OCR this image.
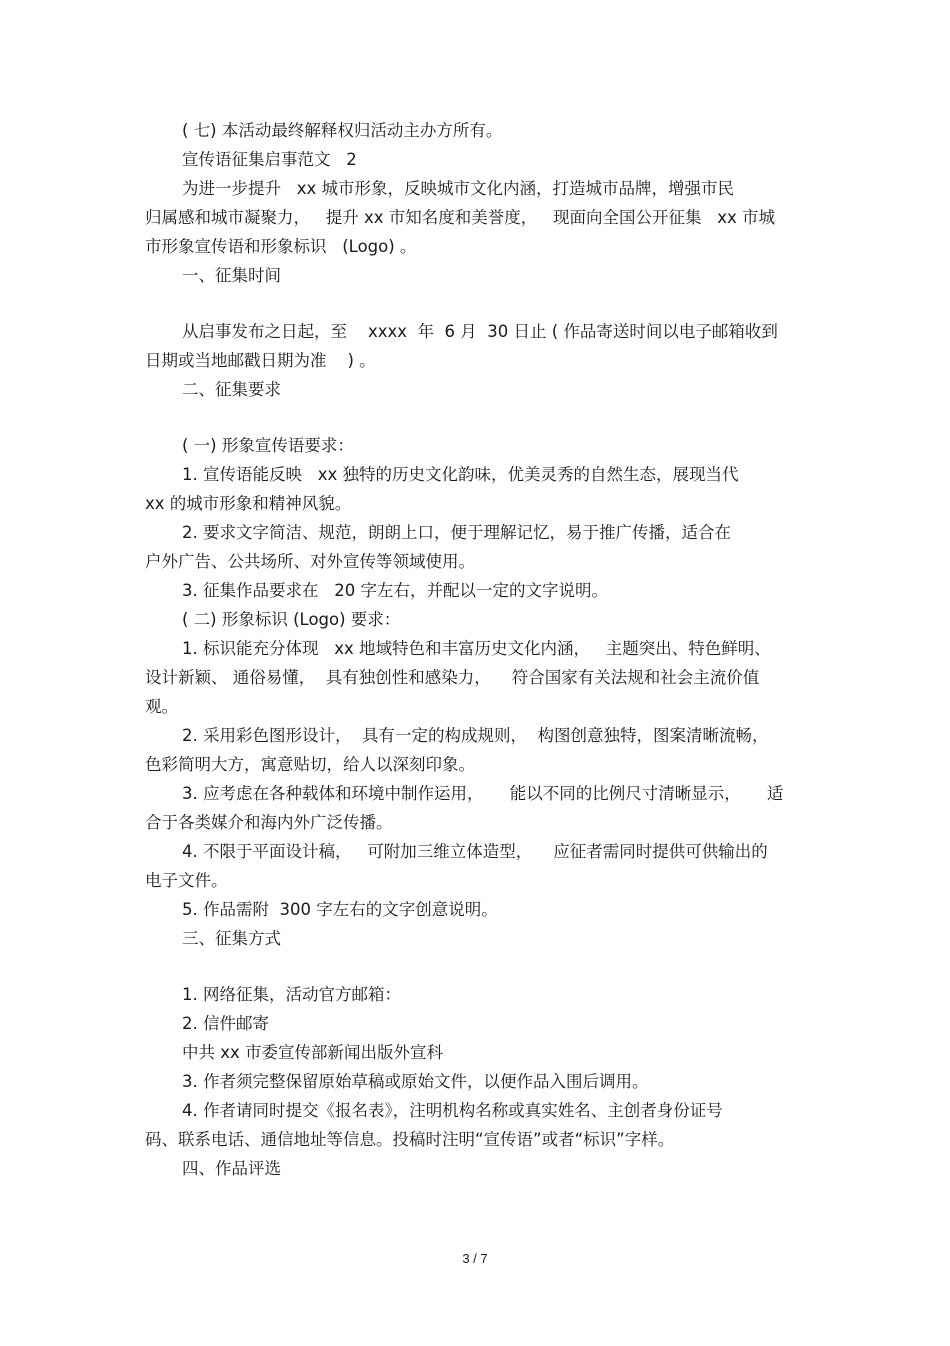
( 七) 本活动最终解释权归活动主办方所有。

宣传语征集启事范文   2

为进一步提升   xx 城市形象，反映城市文化内涵，打造城市品牌，增强市民

归属感和城市凝聚力，   提升 xx 市知名度和美誉度，   现面向全国公开征集   xx 市城

市形象宣传语和形象标识   (Logo) 。

一、征集时间

从启事发布之日起，至    xxxx  年  6 月  30 日止 ( 作品寄送时间以电子邮箱收到

日期或当地邮戳日期为准    ) 。

二、征集要求

( 一) 形象宣传语要求：

1. 宣传语能反映   xx 独特的历史文化韵味，优美灵秀的自然生态，展现当代

xx 的城市形象和精神风貌。

2. 要求文字简洁、规范，朗朗上口，便于理解记忆，易于推广传播，适合在

户外广告、公共场所、对外宣传等领域使用。

3. 征集作品要求在   20 字左右，并配以一定的文字说明。

( 二) 形象标识 (Logo) 要求：

1. 标识能充分体现   xx 地域特色和丰富历史文化内涵，   主题突出、特色鲜明、

设计新颖、 通俗易懂，  具有独创性和感染力，    符合国家有关法规和社会主流价值

观。

2. 采用彩色图形设计，  具有一定的构成规则，  构图创意独特，图案清晰流畅，

色彩简明大方，寓意贴切，给人以深刻印象。

3. 应考虑在各种载体和环境中制作运用，     能以不同的比例尺寸清晰显示，     适

合于各类媒介和海内外广泛传播。

4. 不限于平面设计稿，   可附加三维立体造型，    应征者需同时提供可供输出的

电子文件。

5. 作品需附  300 字左右的文字创意说明。

三、征集方式

1. 网络征集，活动官方邮箱：

2. 信件邮寄

中共 xx 市委宣传部新闻出版外宣科

3. 作者须完整保留原始草稿或原始文件，以便作品入围后调用。

4. 作者请同时提交《报名表》，注明机构名称或真实姓名、主创者身份证号

码、联系电话、通信地址等信息。投稿时注明“宣传语”或者“标识”字样。

四、作品评选

3 / 7
